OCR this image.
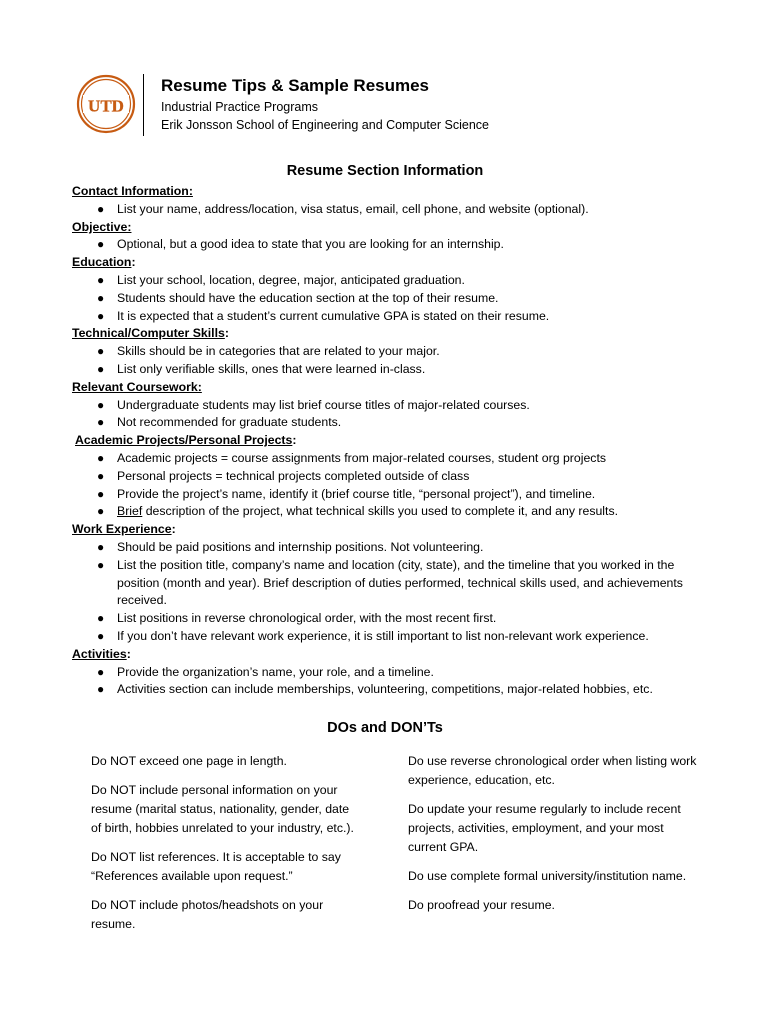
UTD
Resume Tips & Sample Resumes
Industrial Practice Programs
Erik Jonsson School of Engineering and Computer Science
Resume Section Information
Contact Information:
● List your name, address/location, visa status, email, cell phone, and website (optional).
Objective:
● Optional, but a good idea to state that you are looking for an internship.
Education:
● List your school, location, degree, major, anticipated graduation.
● Students should have the education section at the top of their resume.
● It is expected that a student’s current cumulative GPA is stated on their resume.
Technical/Computer Skills:
● Skills should be in categories that are related to your major.
● List only verifiable skills, ones that were learned in-class.
Relevant Coursework:
● Undergraduate students may list brief course titles of major-related courses.
● Not recommended for graduate students.
Academic Projects/Personal Projects:
● Academic projects = course assignments from major-related courses, student org projects
● Personal projects = technical projects completed outside of class
● Provide the project’s name, identify it (brief course title, “personal project”), and timeline.
● Brief description of the project, what technical skills you used to complete it, and any results.
Work Experience:
● Should be paid positions and internship positions. Not volunteering.
● List the position title, company’s name and location (city, state), and the timeline that you worked in the position (month and year). Brief description of duties performed, technical skills used, and achievements received.
● List positions in reverse chronological order, with the most recent first.
● If you don’t have relevant work experience, it is still important to list non-relevant work experience.
Activities:
● Provide the organization’s name, your role, and a timeline.
● Activities section can include memberships, volunteering, competitions, major-related hobbies, etc.
DOs and DON’Ts

Do NOT exceed one page in length.

Do NOT include personal information on your resume (marital status, nationality, gender, date of birth, hobbies unrelated to your industry, etc.).

Do NOT list references. It is acceptable to say “References available upon request.”

Do NOT include photos/headshots on your resume.

Do use reverse chronological order when listing work experience, education, etc.

Do update your resume regularly to include recent projects, activities, employment, and your most current GPA.

Do use complete formal university/institution name.

Do proofread your resume.
